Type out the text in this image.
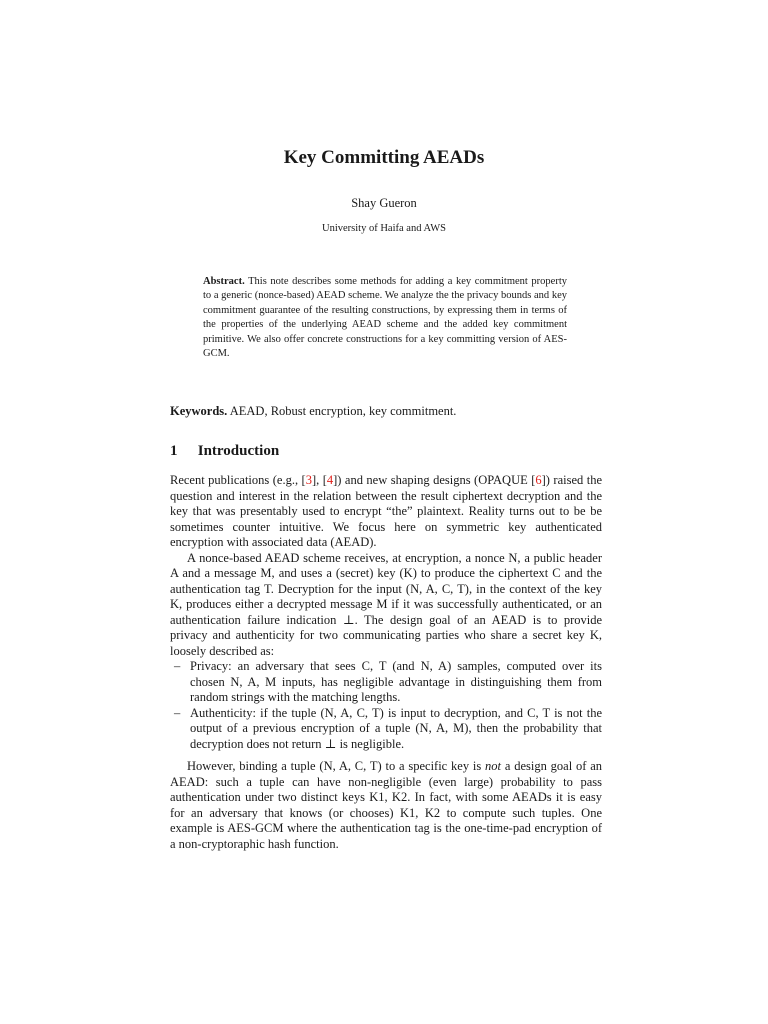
Key Committing AEADs
Shay Gueron
University of Haifa and AWS
Abstract. This note describes some methods for adding a key commitment property to a generic (nonce-based) AEAD scheme. We analyze the the privacy bounds and key commitment guarantee of the resulting constructions, by expressing them in terms of the properties of the underlying AEAD scheme and the added key commitment primitive. We also offer concrete constructions for a key committing version of AES-GCM.
Keywords. AEAD, Robust encryption, key commitment.
1 Introduction

Recent publications (e.g., [3], [4]) and new shaping designs (OPAQUE [6]) raised the question and interest in the relation between the result ciphertext decryption and the key that was presentably used to encrypt “the” plaintext. Reality turns out to be be sometimes counter intuitive. We focus here on symmetric key authenticated encryption with associated data (AEAD).

A nonce-based AEAD scheme receives, at encryption, a nonce N, a public header A and a message M, and uses a (secret) key (K) to produce the ciphertext C and the authentication tag T. Decryption for the input (N, A, C, T), in the context of the key K, produces either a decrypted message M if it was successfully authenticated, or an authentication failure indication ⊥. The design goal of an AEAD is to provide privacy and authenticity for two communicating parties who share a secret key K, loosely described as:

– Privacy: an adversary that sees C, T (and N, A) samples, computed over its chosen N, A, M inputs, has negligible advantage in distinguishing them from random strings with the matching lengths.
– Authenticity: if the tuple (N, A, C, T) is input to decryption, and C, T is not the output of a previous encryption of a tuple (N, A, M), then the probability that decryption does not return ⊥ is negligible.

However, binding a tuple (N, A, C, T) to a specific key is not a design goal of an AEAD: such a tuple can have non-negligible (even large) probability to pass authentication under two distinct keys K1, K2. In fact, with some AEADs it is easy for an adversary that knows (or chooses) K1, K2 to compute such tuples. One example is AES-GCM where the authentication tag is the one-time-pad encryption of a non-cryptoraphic hash function.
